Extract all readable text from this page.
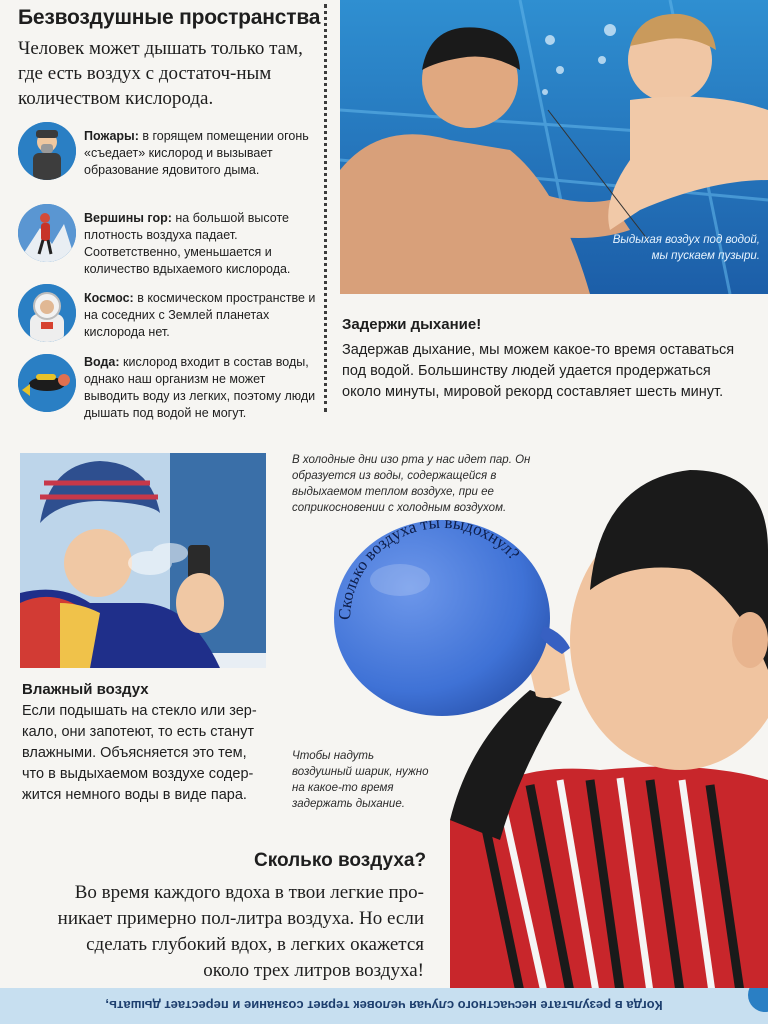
Безвоздушные пространства
Человек может дышать только там, где есть воздух с достаточ-ным количеством кислорода.
Пожары: в горящем помещении огонь «съедает» кислород и вызывает образование ядовитого дыма.
Вершины гор: на большой высоте плотность воздуха падает. Соответственно, уменьшается и количество вдыхаемого кислорода.
Космос: в космическом пространстве и на соседних с Землей планетах кислорода нет.
Вода: кислород входит в состав воды, однако наш организм не может выводить воду из легких, поэтому люди дышать под водой не могут.
Выдыхая воздух под водой, мы пускаем пузыри.
Задержи дыхание!
Задержав дыхание, мы можем какое-то время оставаться под водой. Большинству людей удается продержаться около минуты, мировой рекорд составляет шесть минут.
В холодные дни изо рта у нас идет пар. Он образуется из воды, содержащейся в выдыхаемом теплом воздухе, при ее соприкосновении с холодным воздухом.
Влажный воздух
Если подышать на стекло или зер-кало, они запотеют, то есть станут влажными. Объясняется это тем, что в выдыхаемом воздухе содер-жится немного воды в виде пара.
Сколько воздуха ты выдохнул?
Чтобы надуть воздушный шарик, нужно на какое-то время задержать дыхание.
Сколько воздуха?
Во время каждого вдоха в твои легкие про-никает примерно пол-литра воздуха. Но если сделать глубокий вдох, в легких окажется около трех литров воздуха!
Когда в результате несчастного случая человек теряет сознание и перестает дышать,
